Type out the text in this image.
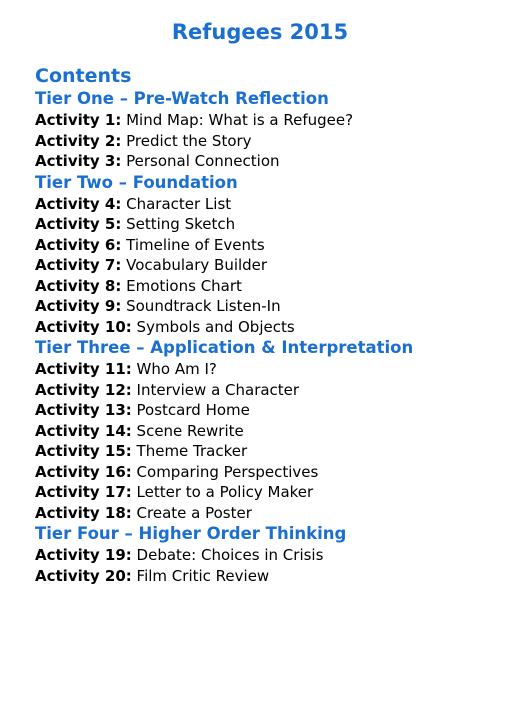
Refugees 2015
Contents
Tier One – Pre-Watch Reflection
Activity 1: Mind Map: What is a Refugee?
Activity 2: Predict the Story
Activity 3: Personal Connection
Tier Two – Foundation
Activity 4: Character List
Activity 5: Setting Sketch
Activity 6: Timeline of Events
Activity 7: Vocabulary Builder
Activity 8: Emotions Chart
Activity 9: Soundtrack Listen-In
Activity 10: Symbols and Objects
Tier Three – Application & Interpretation
Activity 11: Who Am I?
Activity 12: Interview a Character
Activity 13: Postcard Home
Activity 14: Scene Rewrite
Activity 15: Theme Tracker
Activity 16: Comparing Perspectives
Activity 17: Letter to a Policy Maker
Activity 18: Create a Poster
Tier Four – Higher Order Thinking
Activity 19: Debate: Choices in Crisis
Activity 20: Film Critic Review
